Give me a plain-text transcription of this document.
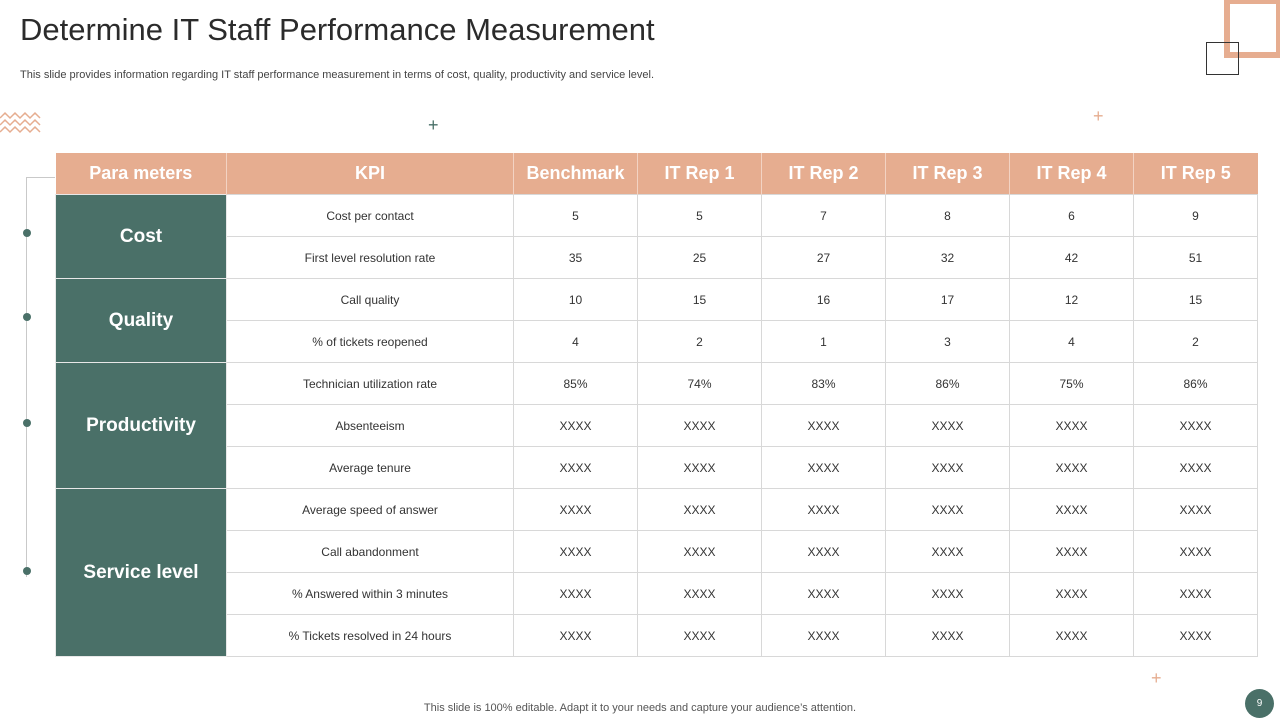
Determine IT Staff Performance Measurement
This slide provides information regarding IT staff performance measurement in terms of cost, quality, productivity and service level.
+	+
+
Para meters	KPI	Benchmark	IT Rep 1	IT Rep 2	IT Rep 3	IT Rep 4	IT Rep 5
Cost	Cost per contact	5	5	7	8	6	9
	First level resolution rate	35	25	27	32	42	51
Quality	Call quality	10	15	16	17	12	15
	% of tickets reopened	4	2	1	3	4	2
Productivity	Technician utilization rate	85%	74%	83%	86%	75%	86%
	Absenteeism	XXXX	XXXX	XXXX	XXXX	XXXX	XXXX
	Average tenure	XXXX	XXXX	XXXX	XXXX	XXXX	XXXX
Service level	Average speed of answer	XXXX	XXXX	XXXX	XXXX	XXXX	XXXX
	Call abandonment	XXXX	XXXX	XXXX	XXXX	XXXX	XXXX
	% Answered within 3 minutes	XXXX	XXXX	XXXX	XXXX	XXXX	XXXX
	% Tickets resolved in 24 hours	XXXX	XXXX	XXXX	XXXX	XXXX	XXXX
This slide is 100% editable. Adapt it to your needs and capture your audience’s attention.	9
